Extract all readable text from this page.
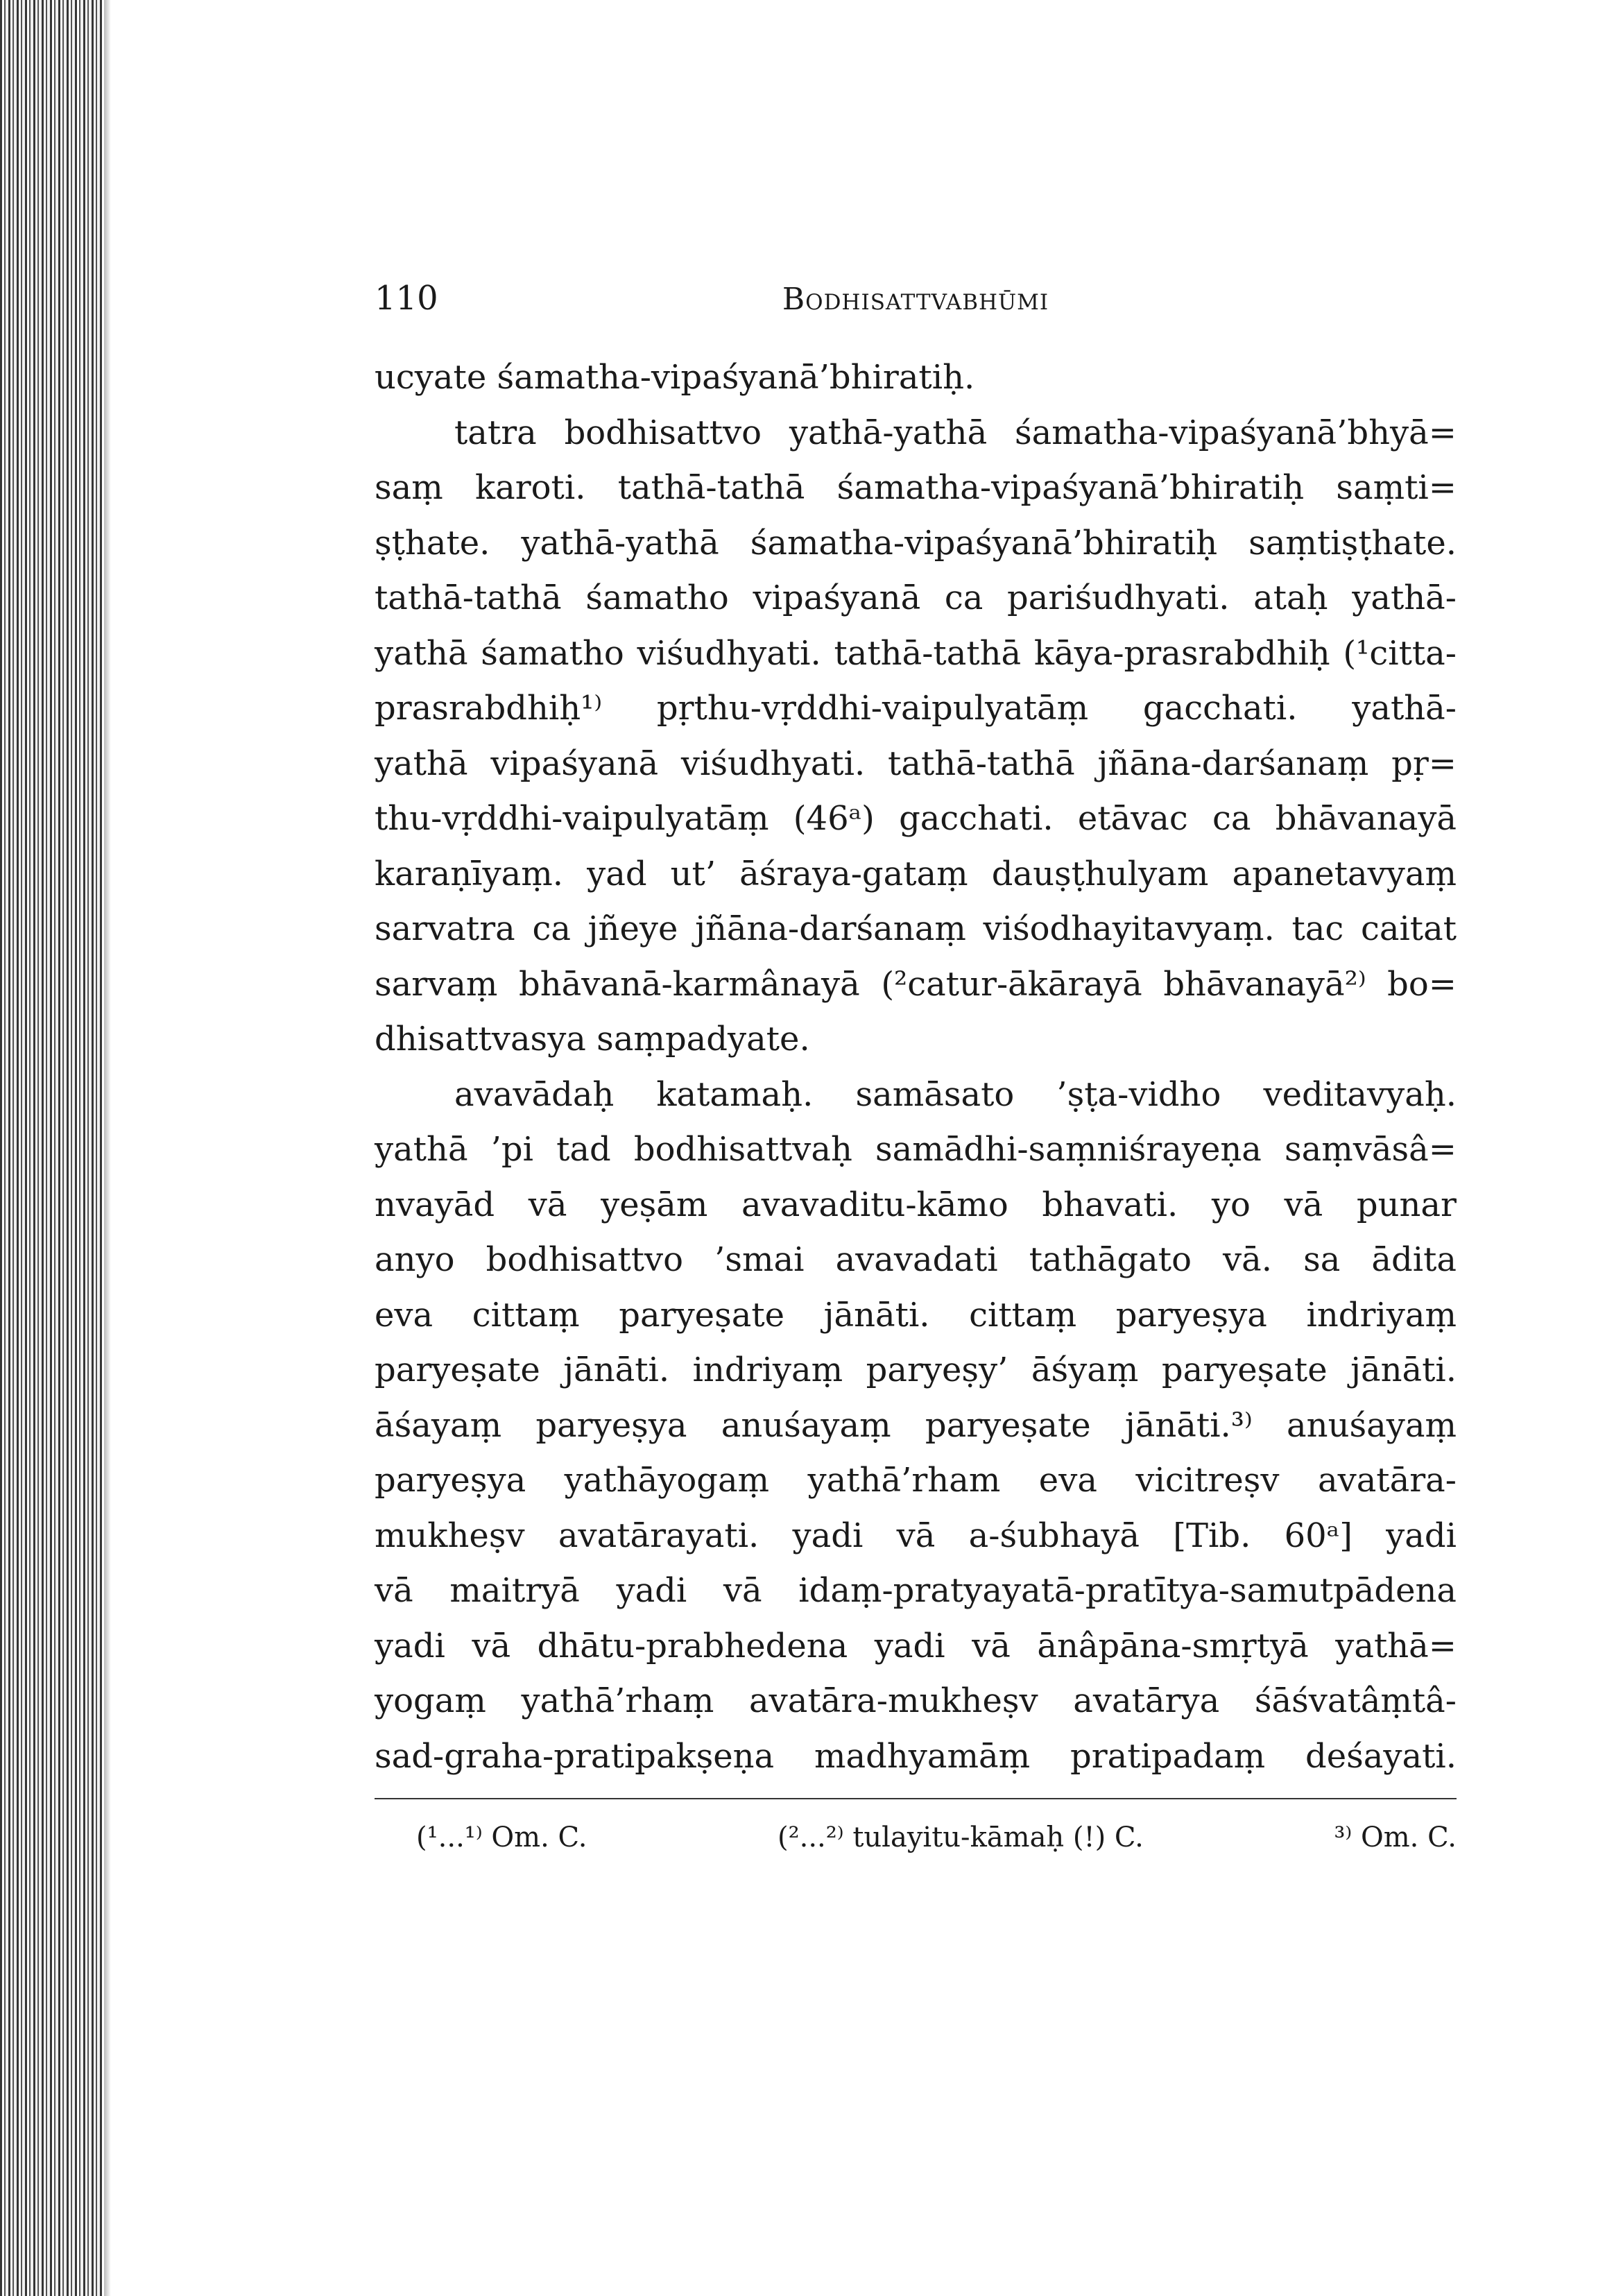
110	Bodhisattvabhūmi
ucyate śamatha-vipaśyanā’bhiratiḥ.
tatra bodhisattvo yathā-yathā śamatha-vipaśyanā’bhyā=
saṃ karoti. tathā-tathā śamatha-vipaśyanā’bhiratiḥ saṃti=
ṣṭhate. yathā-yathā śamatha-vipaśyanā’bhiratiḥ saṃtiṣṭhate.
tathā-tathā śamatho vipaśyanā ca pariśudhyati. ataḥ yathā-
yathā śamatho viśudhyati. tathā-tathā kāya-prasrabdhiḥ (¹citta-
prasrabdhiḥ¹⁾ pṛthu-vṛddhi-vaipulyatāṃ gacchati. yathā-
yathā vipaśyanā viśudhyati. tathā-tathā jñāna-darśanaṃ pṛ=
thu-vṛddhi-vaipulyatāṃ (46ᵃ) gacchati. etāvac ca bhāvanayā
karaṇīyaṃ. yad ut’ āśraya-gataṃ dauṣṭhulyam apanetavyaṃ
sarvatra ca jñeye jñāna-darśanaṃ viśodhayitavyaṃ. tac caitat
sarvaṃ bhāvanā-karmânayā (²catur-ākārayā bhāvanayā²⁾ bo=
dhisattvasya saṃpadyate.
avavādaḥ katamaḥ. samāsato ’ṣṭa-vidho veditavyaḥ.
yathā ’pi tad bodhisattvaḥ samādhi-saṃniśrayeṇa saṃvāsâ=
nvayād vā yeṣām avavaditu-kāmo bhavati. yo vā punar
anyo bodhisattvo ’smai avavadati tathāgato vā. sa ādita
eva cittaṃ paryeṣate jānāti. cittaṃ paryeṣya indriyaṃ
paryeṣate jānāti. indriyaṃ paryeṣy’ āśyaṃ paryeṣate jānāti.
āśayaṃ paryeṣya anuśayaṃ paryeṣate jānāti.³⁾ anuśayaṃ
paryeṣya yathāyogaṃ yathā’rham eva vicitreṣv avatāra-
mukheṣv avatārayati. yadi vā a-śubhayā [Tib. 60ᵃ] yadi
vā maitryā yadi vā idaṃ-pratyayatā-pratītya-samutpādena
yadi vā dhātu-prabhedena yadi vā ānâpāna-smṛtyā yathā=
yogaṃ yathā’rhaṃ avatāra-mukheṣv avatārya śāśvatâṃtâ-
sad-graha-pratipakṣeṇa madhyamāṃ pratipadaṃ deśayati.
(¹...¹⁾ Om. C.	(²...²⁾ tulayitu-kāmaḥ (!) C.	³⁾ Om. C.
